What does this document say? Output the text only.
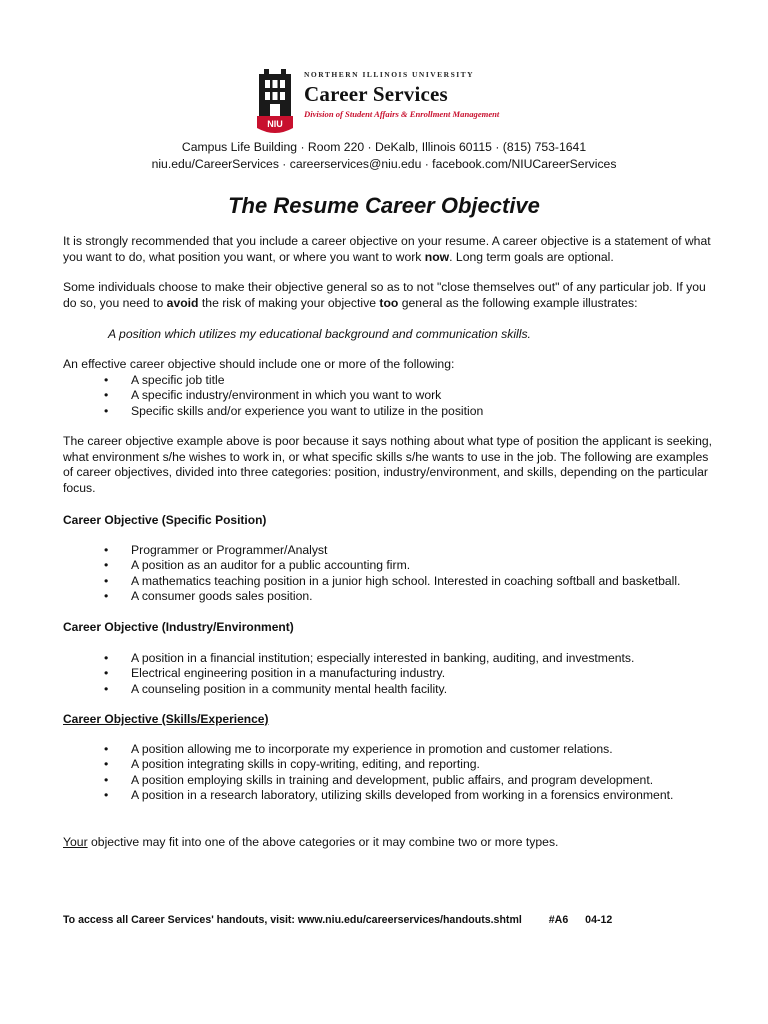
NIU
NORTHERN ILLINOIS UNIVERSITY
Career Services
Division of Student Affairs & Enrollment Management
Campus Life Building · Room 220 · DeKalb, Illinois 60115 · (815) 753-1641
niu.edu/CareerServices · careerservices@niu.edu · facebook.com/NIUCareerServices
The Resume Career Objective
It is strongly recommended that you include a career objective on your resume. A career objective is a statement of what you want to do, what position you want, or where you want to work now. Long term goals are optional.
Some individuals choose to make their objective general so as to not "close themselves out" of any particular job. If you do so, you need to avoid the risk of making your objective too general as the following example illustrates:
A position which utilizes my educational background and communication skills.
An effective career objective should include one or more of the following:
• A specific job title
• A specific industry/environment in which you want to work
• Specific skills and/or experience you want to utilize in the position
The career objective example above is poor because it says nothing about what type of position the applicant is seeking, what environment s/he wishes to work in, or what specific skills s/he wants to use in the job. The following are examples of career objectives, divided into three categories: position, industry/environment, and skills, depending on the particular focus.
Career Objective (Specific Position)
• Programmer or Programmer/Analyst
• A position as an auditor for a public accounting firm.
• A mathematics teaching position in a junior high school. Interested in coaching softball and basketball.
• A consumer goods sales position.
Career Objective (Industry/Environment)
• A position in a financial institution; especially interested in banking, auditing, and investments.
• Electrical engineering position in a manufacturing industry.
• A counseling position in a community mental health facility.
Career Objective (Skills/Experience)
• A position allowing me to incorporate my experience in promotion and customer relations.
• A position integrating skills in copy-writing, editing, and reporting.
• A position employing skills in training and development, public affairs, and program development.
• A position in a research laboratory, utilizing skills developed from working in a forensics environment.
Your objective may fit into one of the above categories or it may combine two or more types.
To access all Career Services' handouts, visit: www.niu.edu/careerservices/handouts.shtml	#A6 04-12
